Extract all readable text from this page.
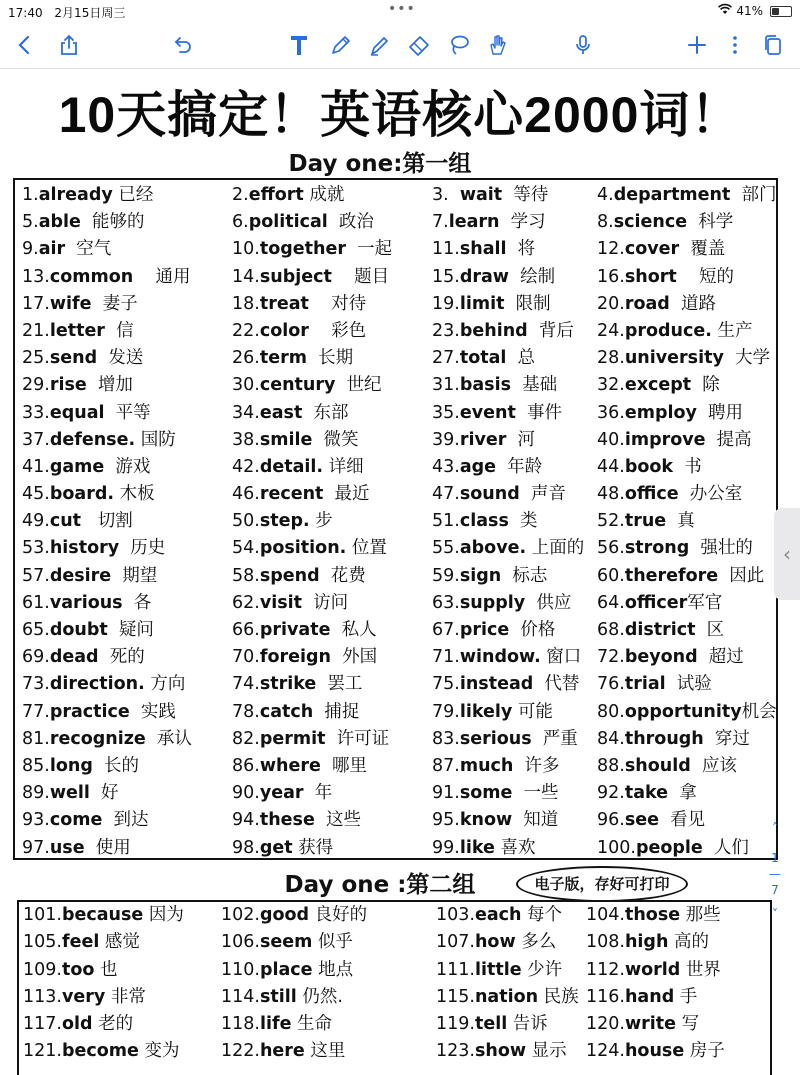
17:40 2月15日周三	•••	41%
10天搞定！英语核心2000词！
Day one:第一组
1.already 已经	2.effort 成就	3.  wait  等待	4.department  部门
5.able  能够的	6.political  政治	7.learn  学习	8.science  科学
9.air  空气	10.together  一起	11.shall  将	12.cover  覆盖
13.common    通用	14.subject    题目	15.draw  绘制	16.short    短的
17.wife  妻子	18.treat    对待	19.limit  限制	20.road  道路
21.letter  信	22.color    彩色	23.behind  背后	24.produce. 生产
25.send  发送	26.term  长期	27.total  总	28.university  大学
29.rise  增加	30.century  世纪	31.basis  基础	32.except  除
33.equal  平等	34.east  东部	35.event  事件	36.employ  聘用
37.defense. 国防	38.smile  微笑	39.river  河	40.improve  提高
41.game  游戏	42.detail. 详细	43.age  年龄	44.book  书
45.board. 木板	46.recent  最近	47.sound  声音	48.office  办公室
49.cut   切割	50.step. 步	51.class  类	52.true  真
53.history  历史	54.position. 位置	55.above. 上面的 56.strong  强壮的
57.desire  期望	58.spend  花费	59.sign  标志	60.therefore  因此
61.various  各	62.visit  访问	63.supply  供应	64.officer军官
65.doubt  疑问	66.private  私人	67.price  价格	68.district  区
69.dead  死的	70.foreign  外国	71.window. 窗口 72.beyond  超过
73.direction. 方向	74.strike  罢工	75.instead  代替	76.trial  试验
77.practice  实践	78.catch  捕捉	79.likely 可能	80.opportunity机会
81.recognize  承认	82.permit  许可证	83.serious  严重	84.through  穿过
85.long  长的	86.where  哪里	87.much  许多	88.should  应该
89.well  好	90.year  年	91.some  一些	92.take  拿
93.come  到达	94.these  这些	95.know  知道	96.see  看见
97.use  使用	98.get 获得	99.like 喜欢	100.people  人们
Day one :第二组	电子版，存好可打印
101.because 因为	102.good 良好的	103.each 每个	104.those 那些
105.feel 感觉	106.seem 似乎	107.how 多么	108.high 高的
109.too 也	110.place 地点	111.little 少许	112.world 世界
113.very 非常	114.still 仍然.	115.nation 民族 116.hand 手
117.old 老的	118.life 生命	119.tell 告诉	120.write 写
121.become 变为	122.here 这里	123.show 显示	124.house 房子
‹
˄
1
—
7
˅
